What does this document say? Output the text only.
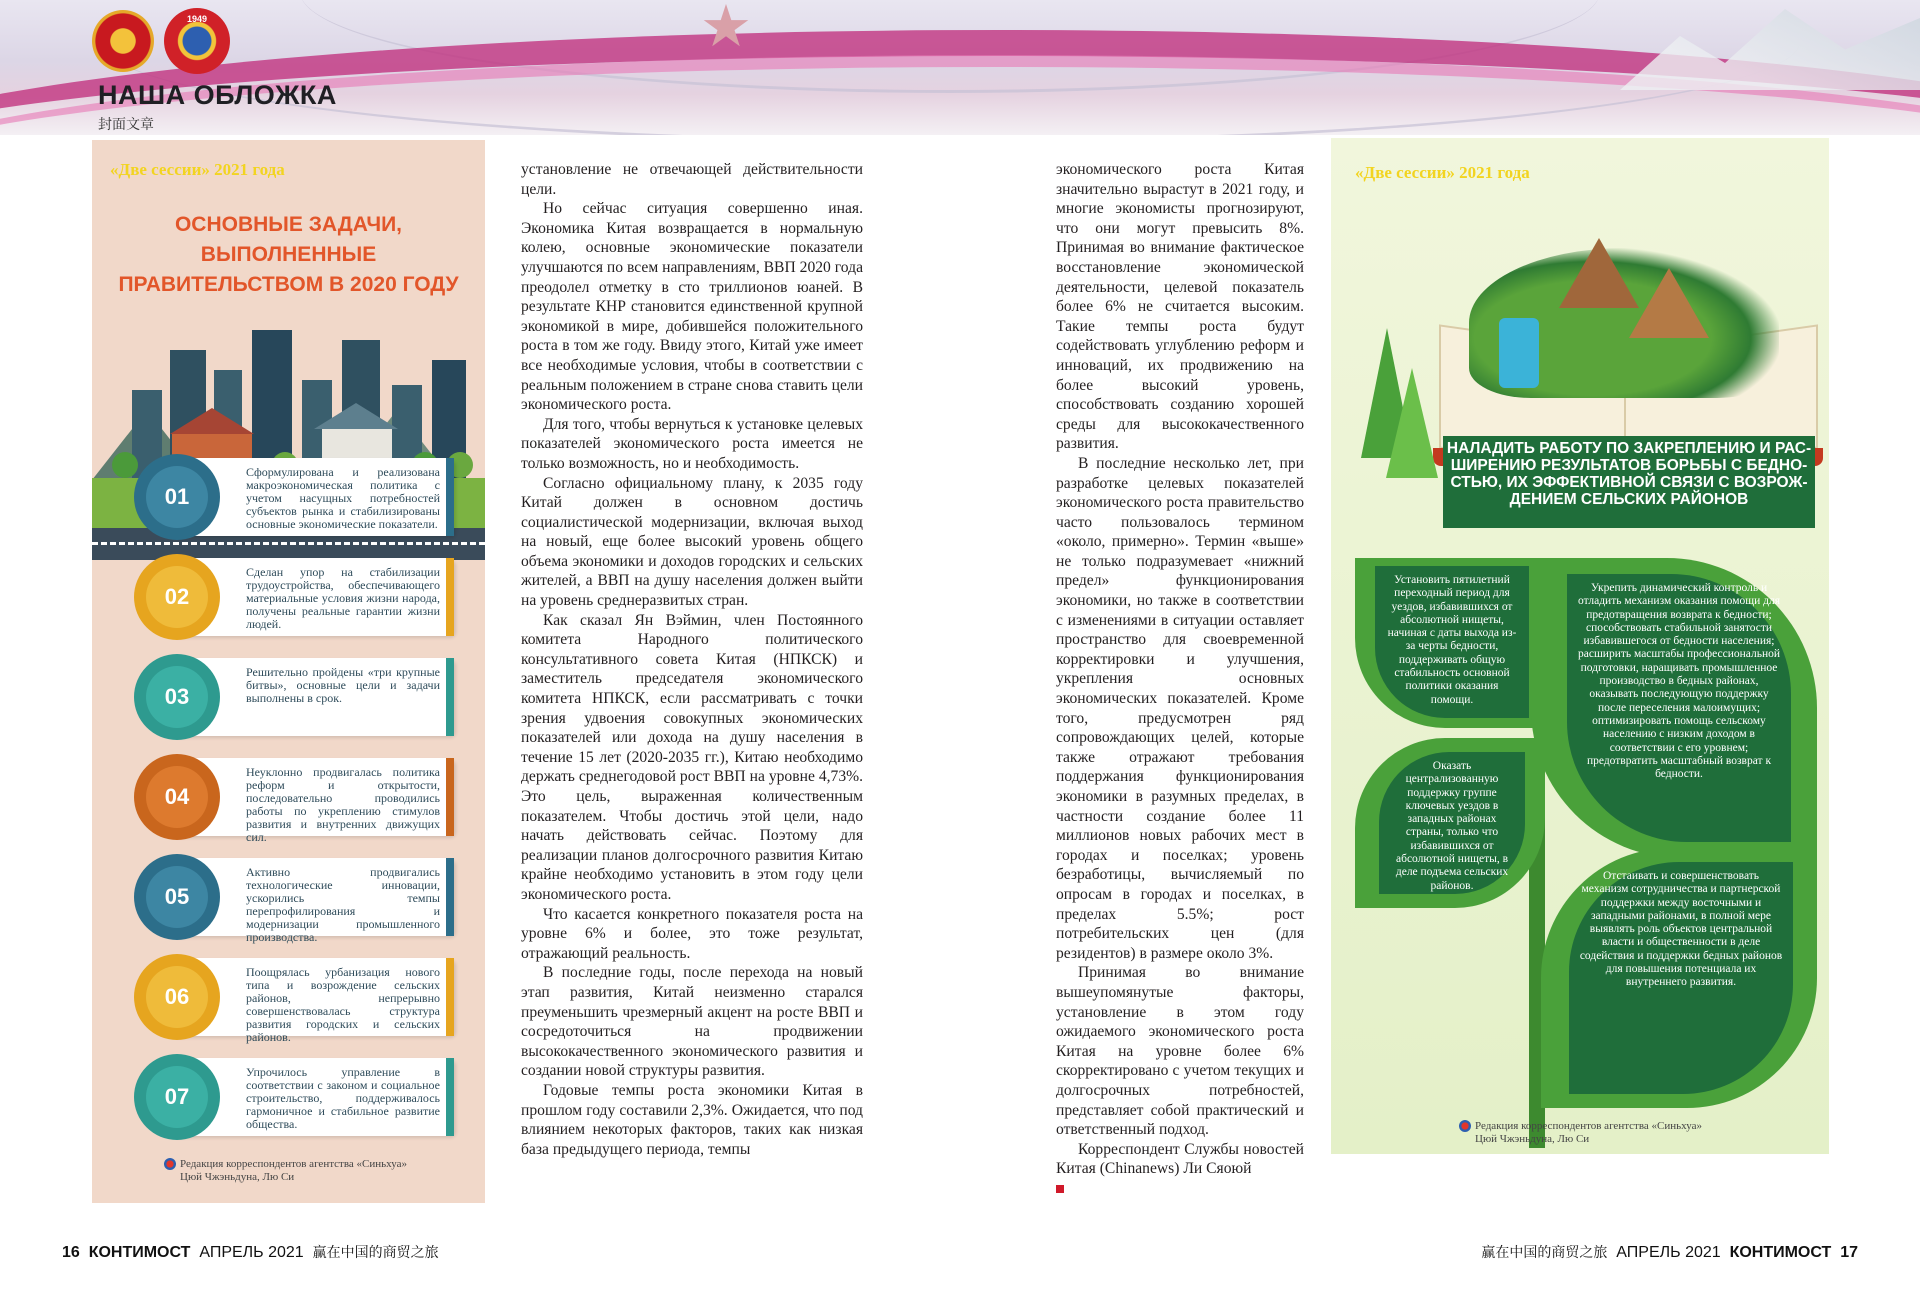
★
1949
НАША ОБЛОЖКА
封面文章
«Две сессии» 2021 года
ОСНОВНЫЕ ЗАДАЧИ, ВЫПОЛНЕННЫЕ
ПРАВИТЕЛЬСТВОМ В 2020 ГОДУ
01
Сформулирована и реализована макроэкономическая политика с учетом насущных потребностей субъектов рынка и стабилизированы основные экономические показатели.
02
Сделан упор на стабилизации трудоустройства, обеспечивающего материальные условия жизни народа, получены реальные гарантии жизни людей.
03
Решительно пройдены «три крупные битвы», основные цели и задачи выполнены в срок.
04
Неуклонно продвигалась политика реформ и открытости, последовательно проводились работы по укреплению стимулов развития и внутренних движущих сил.
05
Активно продвигались технологические инновации, ускорились темпы перепрофилирования и модернизации промышленного производства.
06
Поощрялась урбанизация нового типа и возрождение сельских районов, непрерывно совершенствовалась структура развития городских и сельских районов.
07
Упрочилось управление в соответствии с законом и социальное строительство, поддерживалось гармоничное и стабильное развитие общества.
Редакция корреспондентов агентства «Синьхуа»
Цюй Чжэньдуна, Лю Си

установление не отвечающей действительности цели.

Но сейчас ситуация совершенно иная. Экономика Китая возвращается в нормальную колею, основные экономические показатели улучшаются по всем направлениям, ВВП 2020 года преодолел отметку в сто триллионов юаней. В результате КНР становится единственной крупной экономикой в мире, добившейся положительного роста в том же году. Ввиду этого, Китай уже имеет все необходимые условия, чтобы в соответствии с реальным положением в стране снова ставить цели экономического роста.

Для того, чтобы вернуться к установке целевых показателей экономического роста имеется не только возможность, но и необходимость.

Согласно официальному плану, к 2035 году Китай должен в основном достичь социалистической модернизации, включая выход на новый, еще более высокий уровень общего объема экономики и доходов городских и сельских жителей, а ВВП на душу населения должен выйти на уровень среднеразвитых стран.

Как сказал Ян Вэймин, член Постоянного комитета Народного политического консультативного совета Китая (НПКСК) и заместитель председателя экономического комитета НПКСК, если рассматривать с точки зрения удвоения совокупных экономических показателей или дохода на душу населения в течение 15 лет (2020-2035 гг.), Китаю необходимо держать среднегодовой рост ВВП на уровне 4,73%. Это цель, выраженная количественным показателем. Чтобы достичь этой цели, надо начать действовать сейчас. Поэтому для реализации планов долгосрочного развития Китаю крайне необходимо установить в этом году цели экономического роста.

Что касается конкретного показателя роста на уровне 6% и более, это тоже результат, отражающий реальность.

В последние годы, после перехода на новый этап развития, Китай неизменно старался преуменьшить чрезмерный акцент на росте ВВП и сосредоточиться на продвижении высококачественного экономического развития и создании новой структуры развития.

Годовые темпы роста экономики Китая в прошлом году составили 2,3%. Ожидается, что под влиянием некоторых факторов, таких как низкая база предыдущего периода, темпы

экономического роста Китая значительно вырастут в 2021 году, и многие экономисты прогнозируют, что они могут превысить 8%. Принимая во внимание фактическое восстановление экономической деятельности, целевой показатель более 6% не считается высоким. Такие темпы роста будут содействовать углублению реформ и инноваций, их продвижению на более высокий уровень, способствовать созданию хорошей среды для высококачественного развития.

В последние несколько лет, при разработке целевых показателей экономического роста правительство часто пользовалось термином «около, примерно». Термин «выше» не только подразумевает «нижний предел» функционирования экономики, но также в соответствии с изменениями в ситуации оставляет пространство для своевременной корректировки и улучшения, укрепления основных экономических показателей. Кроме того, предусмотрен ряд сопровождающих целей, которые также отражают требования поддержания функционирования экономики в разумных пределах, в частности создание более 11 миллионов новых рабочих мест в городах и поселках; уровень безработицы, вычисляемый по опросам в городах и поселках, в пределах 5.5%; рост потребительских цен (для резидентов) в размере около 3%.

Принимая во внимание вышеупомянутые факторы, установление в этом году ожидаемого экономического роста Китая на уровне более 6% скорректировано с учетом текущих и долгосрочных потребностей, представляет собой практический и ответственный подход.

Корреспондент Службы новостей Китая (Chinanews) Ли Сяоюй

«Две сессии» 2021 года
НАЛАДИТЬ РАБОТУ ПО ЗАКРЕПЛЕНИЮ И РАС-
ШИРЕНИЮ РЕЗУЛЬТАТОВ БОРЬБЫ С БЕДНО-
СТЬЮ, ИХ ЭФФЕКТИВНОЙ СВЯЗИ С ВОЗРОЖ-
ДЕНИЕМ СЕЛЬСКИХ РАЙОНОВ
Установить пятилетний переходный период для уездов, избавившихся от абсолютной нищеты, начиная с даты выхода из-за черты бедности, поддерживать общую стабильность основной политики оказания помощи.
Укрепить динамический контроль и отладить механизм оказания помощи для предотвращения возврата к бедности; способствовать стабильной занятости избавившегося от бедности населения; расширить масштабы профессиональной подготовки, наращивать промышленное производство в бедных районах, оказывать последующую поддержку после переселения малоимущих; оптимизировать помощь сельскому населению с низким доходом в соответствии с его уровнем; предотвратить масштабный возврат к бедности.
Оказать централизованную поддержку группе ключевых уездов в западных районах страны, только что избавившихся от абсолютной нищеты, в деле подъема сельских районов.
Отстаивать и совершенствовать механизм сотрудничества и партнерской поддержки между восточными и западными районами, в полной мере выявлять роль объектов центральной власти и общественности в деле содействия и поддержки бедных районов для повышения потенциала их внутреннего развития.
Редакция корреспондентов агентства «Синьхуа»
Цюй Чжэньдуна, Лю Си
16 КОНТИМОСТ АПРЕЛЬ 2021 赢在中国的商贸之旅	赢在中国的商贸之旅 АПРЕЛЬ 2021 КОНТИМОСТ 17
